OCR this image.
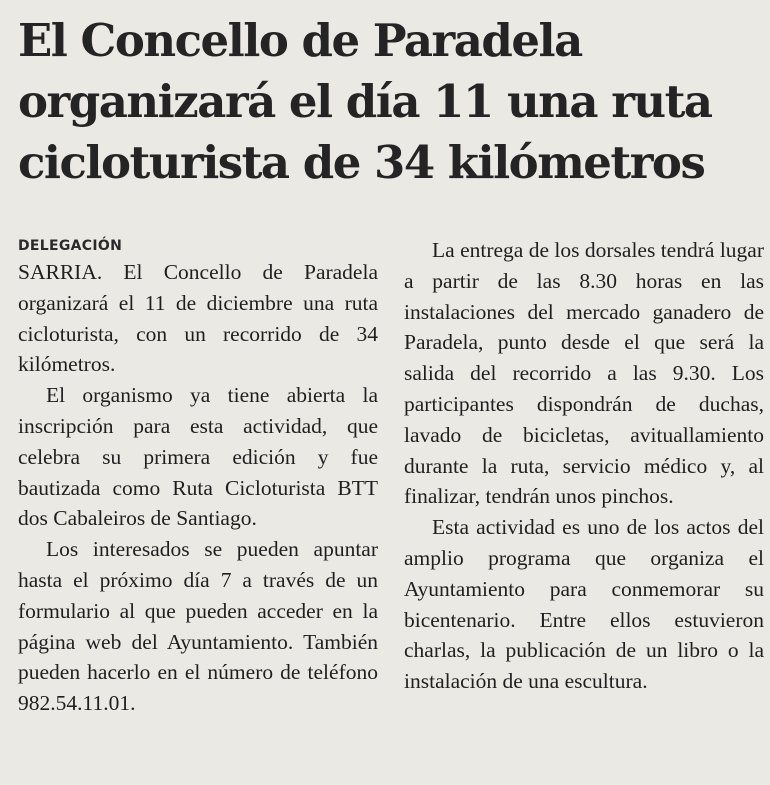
El Concello de Paradela
organizará el día 11 una ruta
cicloturista de 34 kilómetros
DELEGACIÓN

SARRIA. El Concello de Paradela organizará el 11 de diciembre una ruta cicloturista, con un recorrido de 34 kilómetros.

El organismo ya tiene abierta la inscripción para esta actividad, que celebra su primera edición y fue bautizada como Ruta Cicloturista BTT dos Cabaleiros de Santiago.

Los interesados se pueden apuntar hasta el próximo día 7 a través de un formulario al que pueden acceder en la página web del Ayuntamiento. También pueden hacerlo en el número de teléfono 982.54.11.01.

La entrega de los dorsales tendrá lugar a partir de las 8.30 horas en las instalaciones del mercado ganadero de Paradela, punto desde el que será la salida del recorrido a las 9.30. Los participantes dispondrán de duchas, lavado de bicicletas, avituallamiento durante la ruta, servicio médico y, al finalizar, tendrán unos pinchos.

Esta actividad es uno de los actos del amplio programa que organiza el Ayuntamiento para conmemorar su bicentenario. Entre ellos estuvieron charlas, la publicación de un libro o la instalación de una escultura.
